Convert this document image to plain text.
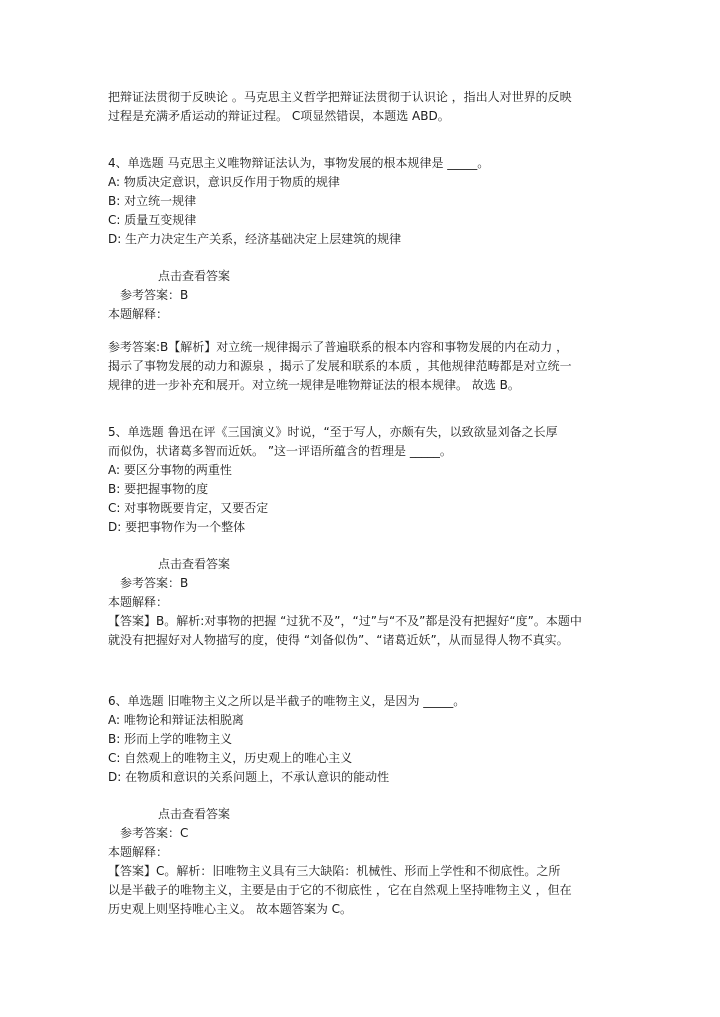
把辩证法贯彻于反映论 。马克思主义哲学把辩证法贯彻于认识论 ，指出人对世界的反映

过程是充满矛盾运动的辩证过程。 C项显然错误，本题选 ABD。

4、单选题 马克思主义唯物辩证法认为，事物发展的根本规律是 _____。

A: 物质决定意识，意识反作用于物质的规律

B: 对立统一规律

C: 质量互变规律

D: 生产力决定生产关系，经济基础决定上层建筑的规律

点击查看答案

参考答案：B

本题解释：

参考答案:B【解析】对立统一规律揭示了普遍联系的根本内容和事物发展的内在动力 ，

揭示了事物发展的动力和源泉 ，揭示了发展和联系的本质 ，其他规律范畴都是对立统一

规律的进一步补充和展开。对立统一规律是唯物辩证法的根本规律。 故选 B。

5、单选题 鲁迅在评《三国演义》时说，“至于写人，亦颇有失，以致欲显刘备之长厚

而似伪，状诸葛多智而近妖。 ”这一评语所蕴含的哲理是 _____。

A: 要区分事物的两重性

B: 要把握事物的度

C: 对事物既要肯定，又要否定

D: 要把事物作为一个整体

点击查看答案

参考答案：B

本题解释：

【答案】B。解析:对事物的把握 “过犹不及”，“过”与“不及”都是没有把握好“度”。本题中

就没有把握好对人物描写的度，使得 “刘备似伪”、“诸葛近妖”，从而显得人物不真实。

6、单选题 旧唯物主义之所以是半截子的唯物主义，是因为 _____。

A: 唯物论和辩证法相脱离

B: 形而上学的唯物主义

C: 自然观上的唯物主义，历史观上的唯心主义

D: 在物质和意识的关系问题上，不承认意识的能动性

点击查看答案

参考答案：C

本题解释：

【答案】C。解析：旧唯物主义具有三大缺陷：机械性、形而上学性和不彻底性。之所

以是半截子的唯物主义，主要是由于它的不彻底性 ，它在自然观上坚持唯物主义 ，但在

历史观上则坚持唯心主义。 故本题答案为 C。
